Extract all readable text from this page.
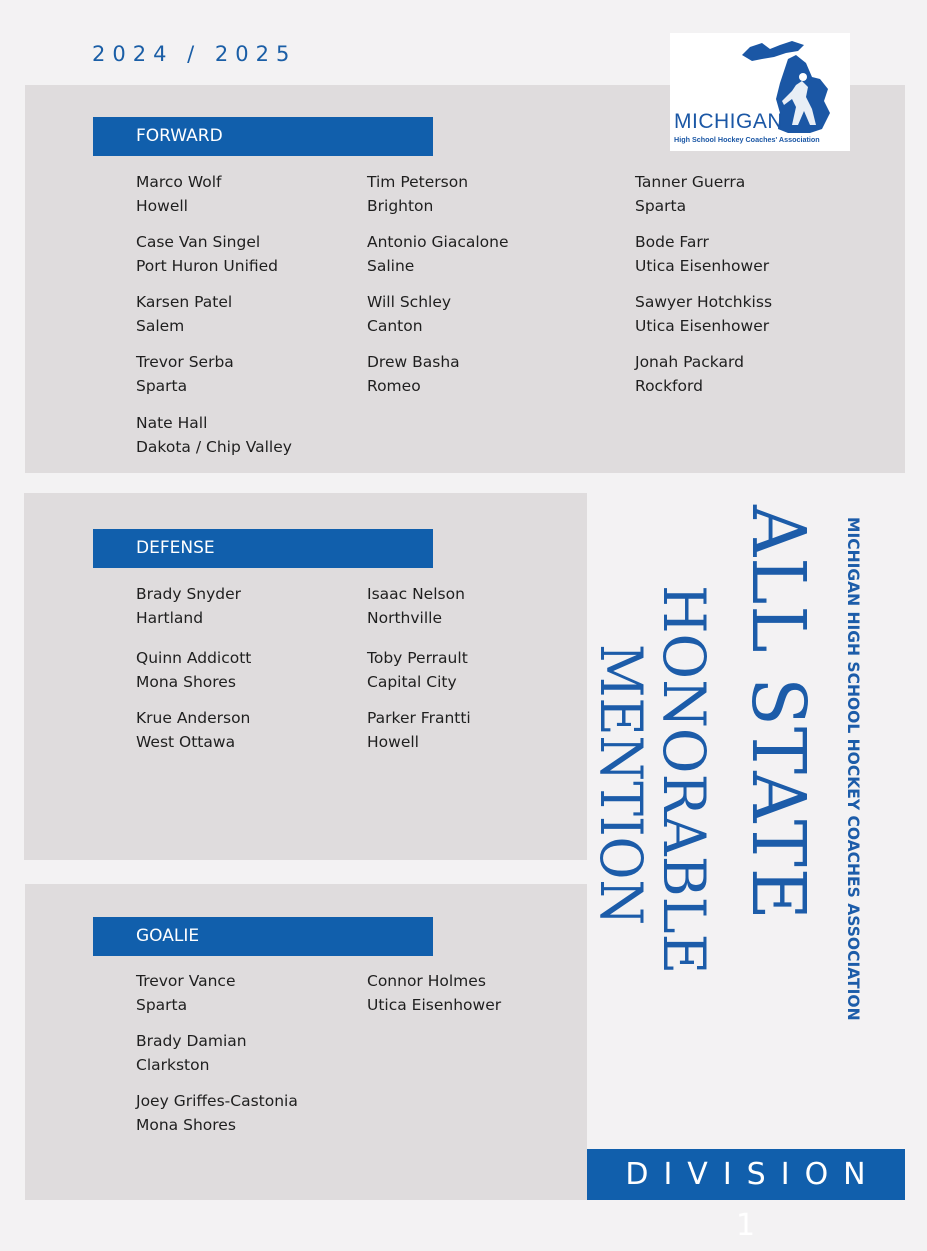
2024 / 2025
FORWARD
Marco Wolf
Howell
Case Van Singel
Port Huron Unified
Karsen Patel
Salem
Trevor Serba
Sparta
Nate Hall
Dakota / Chip Valley
Tim Peterson
Brighton
Antonio Giacalone
Saline
Will Schley
Canton
Drew Basha
Romeo
Tanner Guerra
Sparta
Bode Farr
Utica Eisenhower
Sawyer Hotchkiss
Utica Eisenhower
Jonah Packard
Rockford
DEFENSE
Brady Snyder
Hartland
Quinn Addicott
Mona Shores
Krue Anderson
West Ottawa
Isaac Nelson
Northville
Toby Perrault
Capital City
Parker Frantti
Howell
GOALIE
Trevor Vance
Sparta
Brady Damian
Clarkston
Joey Griffes-Castonia
Mona Shores
Connor Holmes
Utica Eisenhower
MICHIGAN
High School Hockey Coaches' Association
ALL STATE
HONORABLE
MENTION	MICHIGAN HIGH SCHOOL HOCKEY COACHES ASSOCIATION
DIVISION 1
